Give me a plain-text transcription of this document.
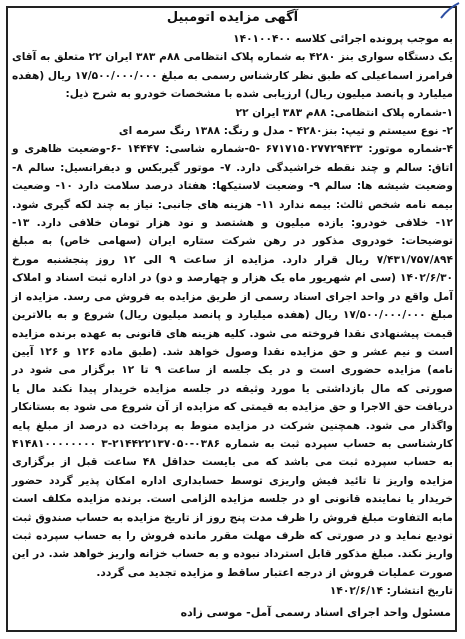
آگهی مزایده اتومبیل

به موجب پرونده اجرائی کلاسه ۱۴۰۱۰۰۴۰۰

یک دستگاه سواری بنز ۴۲۸۰ به شماره پلاک انتظامی ۸۸م ۳۸۳ ایران ۲۲ متعلق به آقای فرامرز اسماعیلی که طبق نظر کارشناس رسمی به مبلغ ۱۷/۵۰۰/۰۰۰/۰۰۰ ریال (هفده میلیارد و پانصد میلیون ریال) ارزیابی شده با مشخصات خودرو به شرح ذیل:

۱-شماره پلاک انتظامی: ۸۸م ۳۸۳ ایران ۲۲

۲- نوع سیستم و تیپ: بنز۴۲۸۰ - مدل و رنگ: ۱۳۸۸ رنگ سرمه ای

۴-شماره موتور: ۶۷۱۷۱۵۰۲۷۷۲۹۴۳۳ -۵-شماره شاسی: ۱۴۴۴۷ -۶-وضعیت ظاهری و اتاق: سالم و چند نقطه خراشیدگی دارد. ۷- موتور گیربکس و دیفرانسیل: سالم ۸- وضعیت شیشه ها: سالم ۹- وضعیت لاستیکها: هفتاد درصد سلامت دارد ۱۰- وضعیت بیمه نامه شخص ثالث: بیمه ندارد ۱۱- هزینه های جانبی: نیاز به چند لکه گیری شود. ۱۲- خلافی خودرو: یازده میلیون و هشتصد و نود هزار تومان خلافی دارد. ۱۳- توضیحات: خودروی مذکور در رهن شرکت ستاره ایران (سهامی خاص) به مبلغ ۷/۴۳۱/۷۵۷/۸۹۴ ریال قرار دارد. مزایده از ساعت ۹ الی ۱۲ روز پنجشنبه مورخ ۱۴۰۲/۶/۳۰ (سی ام شهریور ماه یک هزار و چهارصد و دو) در اداره ثبت اسناد و املاک آمل واقع در واحد اجرای اسناد رسمی از طریق مزایده به فروش می رسد. مزایده از مبلغ ۱۷/۵۰۰/۰۰۰/۰۰۰ ریال (هفده میلیارد و پانصد میلیون ریال) شروع و به بالاترین قیمت پیشنهادی نقدا فروخته می شود. کلیه هزینه های قانونی به عهده برنده مزایده است و نیم عشر و حق مزایده نقدا وصول خواهد شد. (طبق ماده ۱۲۶ و ۱۲۶ آیین نامه) مزایده حضوری است و در یک جلسه از ساعت ۹ تا ۱۲ برگزار می شود در صورتی که مال بازداشتی یا مورد وثیقه در جلسه مزایده خریدار پیدا نکند مال یا دریافت حق الاجرا و حق مزایده به قیمتی که مزایده از آن شروع می شود به بستانکار واگذار می شود. همچنین شرکت در مزایده منوط به پرداخت ده درصد از مبلغ پایه کارشناسی به حساب سپرده ثبت به شماره ۰۳۸۶-۲۱۴۴۲۲۱۳۷۰۵۰-۳ ۴۱۴۸۱۰۰۰۰۰۰۰۰ به حساب سپرده ثبت می باشد که می بایست حداقل ۴۸ ساعت قبل از برگزاری مزایده واریز تا تائید فیش واریزی توسط حسابداری اداره امکان پذیر گردد حضور خریدار یا نماینده قانونی او در جلسه مزایده الزامی است. برنده مزایده مکلف است مابه التفاوت مبلغ فروش را ظرف مدت پنج روز از تاریخ مزایده به حساب صندوق ثبت تودیع نماید و در صورتی که ظرف مهلت مقرر مانده فروش را به حساب سپرده ثبت واریز نکند. مبلغ مذکور قابل استرداد نبوده و به حساب خزانه واریز خواهد شد. در این صورت عملیات فروش از درجه اعتبار ساقط و مزایده تجدید می گردد.

تاریخ انتشار: ۱۴۰۲/۶/۱۴

مسئول واحد اجرای اسناد رسمی آمل- موسی زاده
